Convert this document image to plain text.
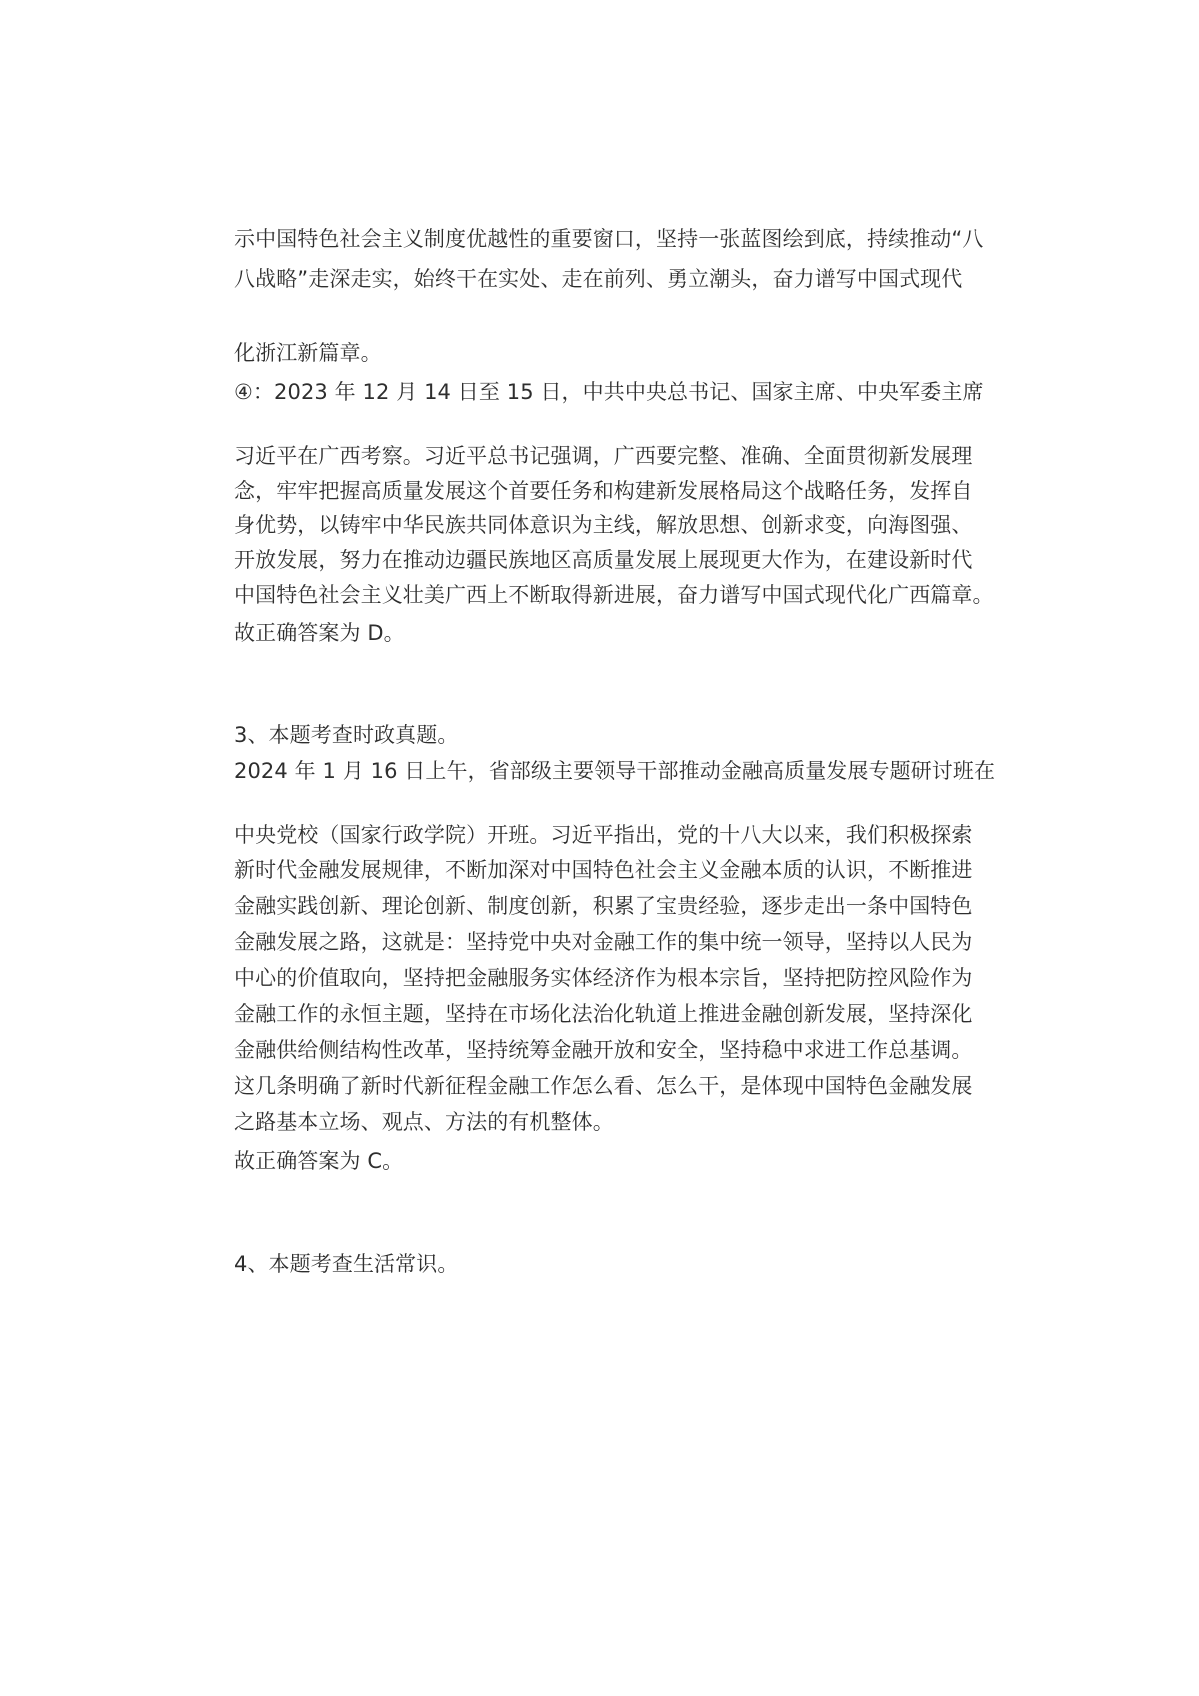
示中国特色社会主义制度优越性的重要窗口，坚持一张蓝图绘到底，持续推动“八
八战略”走深走实，始终干在实处、走在前列、勇立潮头，奋力谱写中国式现代
化浙江新篇章。
④：2023 年 12 月 14 日至 15 日，中共中央总书记、国家主席、中央军委主席
习近平在广西考察。习近平总书记强调，广西要完整、准确、全面贯彻新发展理
念，牢牢把握高质量发展这个首要任务和构建新发展格局这个战略任务，发挥自
身优势，以铸牢中华民族共同体意识为主线，解放思想、创新求变，向海图强、
开放发展，努力在推动边疆民族地区高质量发展上展现更大作为，在建设新时代
中国特色社会主义壮美广西上不断取得新进展，奋力谱写中国式现代化广西篇章。
故正确答案为 D。
3、本题考查时政真题。
2024 年 1 月 16 日上午，省部级主要领导干部推动金融高质量发展专题研讨班在
中央党校（国家行政学院）开班。习近平指出，党的十八大以来，我们积极探索
新时代金融发展规律，不断加深对中国特色社会主义金融本质的认识，不断推进
金融实践创新、理论创新、制度创新，积累了宝贵经验，逐步走出一条中国特色
金融发展之路，这就是：坚持党中央对金融工作的集中统一领导，坚持以人民为
中心的价值取向，坚持把金融服务实体经济作为根本宗旨，坚持把防控风险作为
金融工作的永恒主题，坚持在市场化法治化轨道上推进金融创新发展，坚持深化
金融供给侧结构性改革，坚持统筹金融开放和安全，坚持稳中求进工作总基调。
这几条明确了新时代新征程金融工作怎么看、怎么干，是体现中国特色金融发展
之路基本立场、观点、方法的有机整体。
故正确答案为 C。
4、本题考查生活常识。
